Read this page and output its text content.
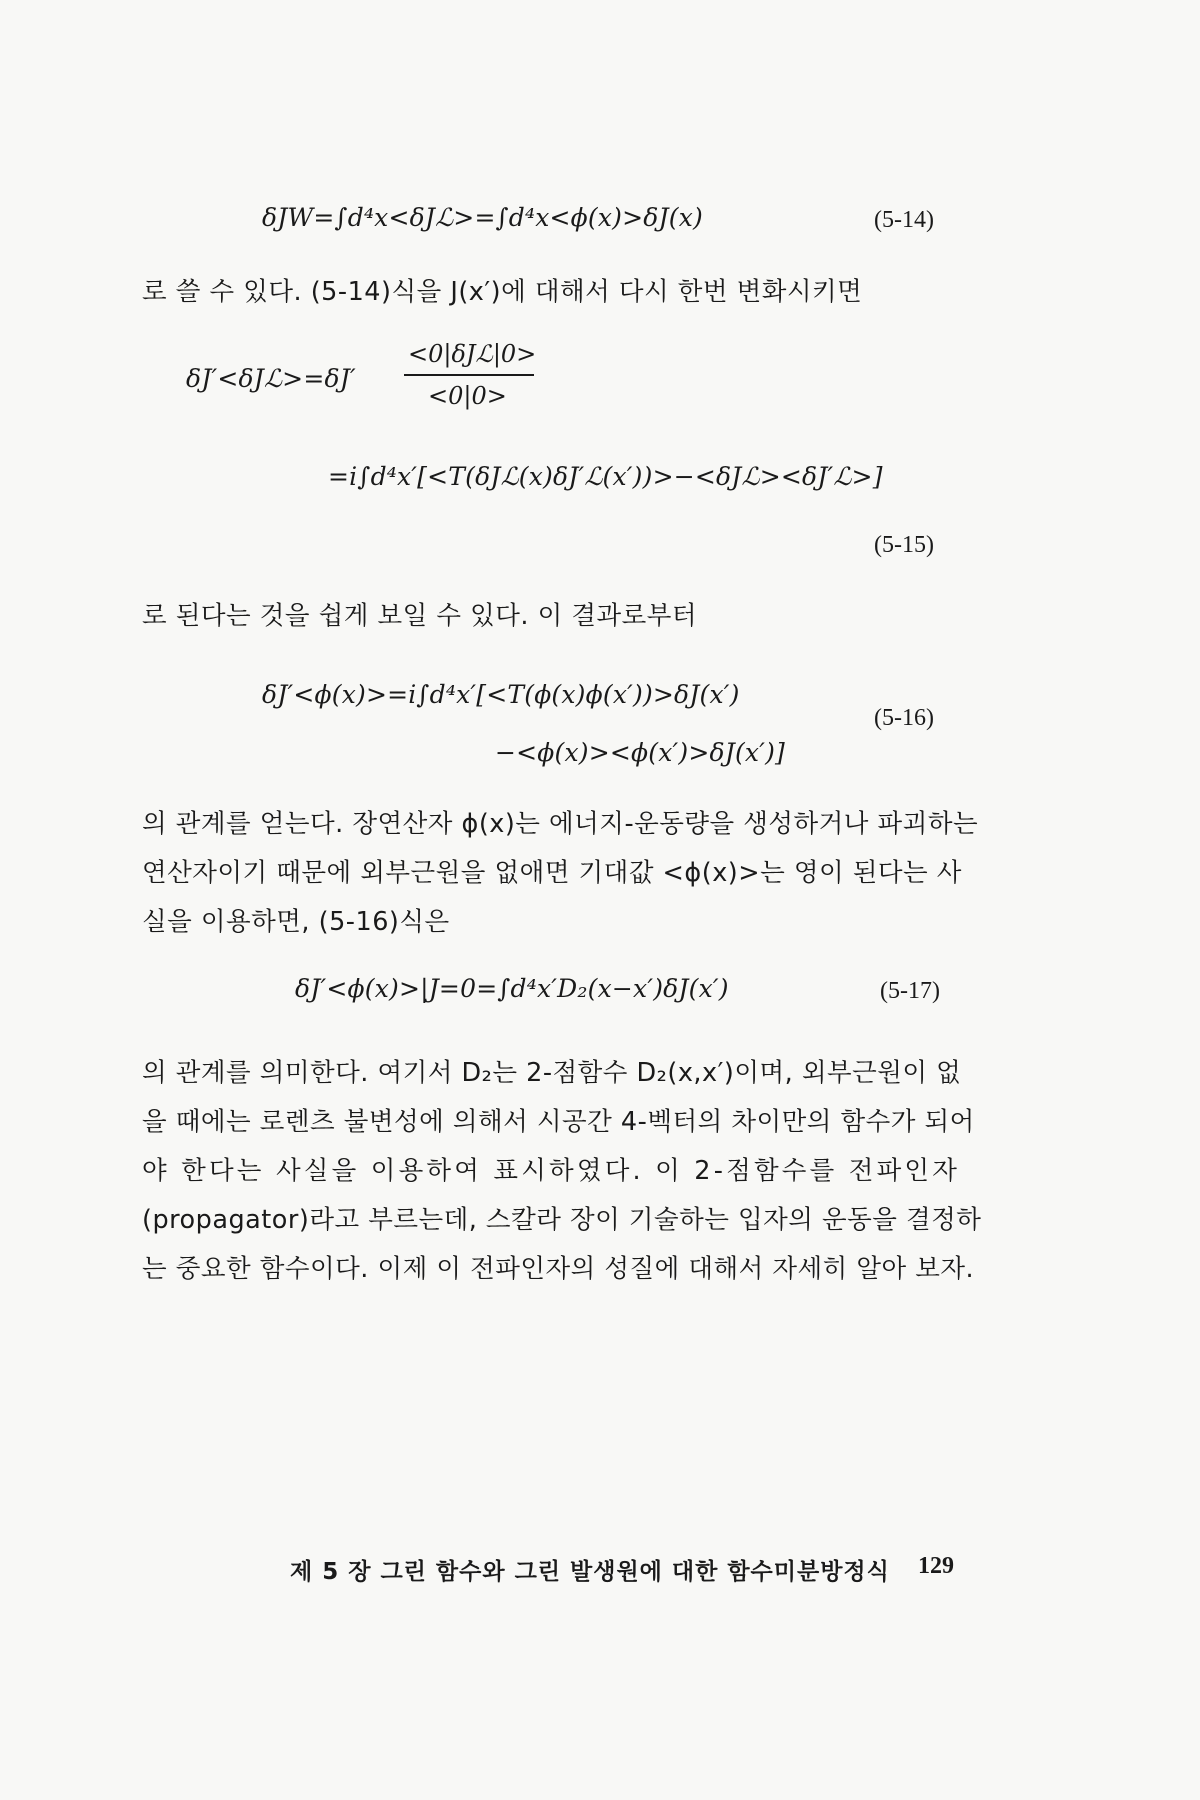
δJW=∫d⁴x<δJℒ>=∫d⁴x<ϕ(x)>δJ(x)	(5-14)
로 쓸 수 있다. (5-14)식을 J(x′)에 대해서 다시 한번 변화시키면
δJ′<δJℒ>=δJ′
<0|δJℒ|0>
<0|0>
=i∫d⁴x′[<T(δJℒ(x)δJ′ℒ(x′))>−<δJℒ><δJ′ℒ>]
(5-15)
로 된다는 것을 쉽게 보일 수 있다. 이 결과로부터
δJ′<ϕ(x)>=i∫d⁴x′[<T(ϕ(x)ϕ(x′))>δJ(x′)
(5-16)
−<ϕ(x)><ϕ(x′)>δJ(x′)]
의 관계를 얻는다. 장연산자 ϕ(x)는 에너지-운동량을 생성하거나 파괴하는
연산자이기 때문에 외부근원을 없애면 기대값 <ϕ(x)>는 영이 된다는 사
실을 이용하면, (5-16)식은
δJ′<ϕ(x)>|J=0=∫d⁴x′D₂(x−x′)δJ(x′)	(5-17)
의 관계를 의미한다. 여기서 D₂는 2-점함수 D₂(x,x′)이며, 외부근원이 없
을 때에는 로렌츠 불변성에 의해서 시공간 4-벡터의 차이만의 함수가 되어
야 한다는 사실을 이용하여 표시하였다. 이 2-점함수를 전파인자
(propagator)라고 부르는데, 스칼라 장이 기술하는 입자의 운동을 결정하
는 중요한 함수이다. 이제 이 전파인자의 성질에 대해서 자세히 알아 보자.
제 5 장 그린 함수와 그린 발생원에 대한 함수미분방정식 129
